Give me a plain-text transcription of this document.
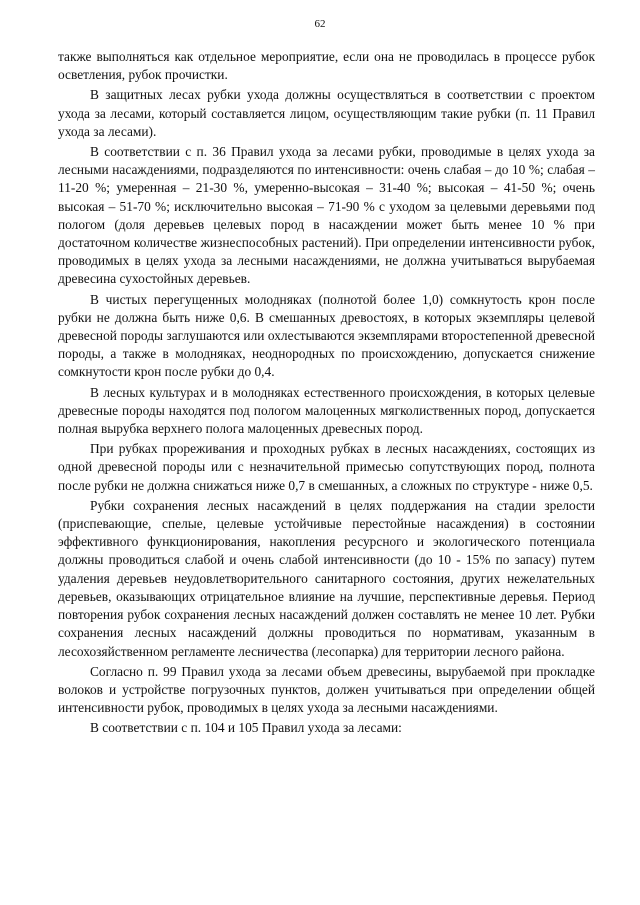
62

также выполняться как отдельное мероприятие, если она не проводилась в процессе рубок осветления, рубок прочистки.

В защитных лесах рубки ухода должны осуществляться в соответствии с проектом ухода за лесами, который составляется лицом, осуществляющим такие рубки (п. 11 Правил ухода за лесами).

В соответствии с п. 36 Правил ухода за лесами рубки, проводимые в целях ухода за лесными насаждениями, подразделяются по интенсивности: очень слабая – до 10 %; слабая – 11-20 %; умеренная – 21-30 %, умеренно-высокая – 31-40 %; высокая – 41-50 %; очень высокая – 51-70 %; исключительно высокая – 71-90 % с уходом за целевыми деревьями под пологом (доля деревьев целевых пород в насаждении может быть менее 10 % при достаточном количестве жизнеспособных растений). При определении интенсивности рубок, проводимых в целях ухода за лесными насаждениями, не должна учитываться вырубаемая древесина сухостойных деревьев.

В чистых перегущенных молодняках (полнотой более 1,0) сомкнутость крон после рубки не должна быть ниже 0,6. В смешанных древостоях, в которых экземпляры целевой древесной породы заглушаются или охлестываются экземплярами второстепенной древесной породы, а также в молодняках, неоднородных по происхождению, допускается снижение сомкнутости крон после рубки до 0,4.

В лесных культурах и в молодняках естественного происхождения, в которых целевые древесные породы находятся под пологом малоценных мягколиственных пород, допускается полная вырубка верхнего полога малоценных древесных пород.

При рубках прореживания и проходных рубках в лесных насаждениях, состоящих из одной древесной породы или с незначительной примесью сопутствующих пород, полнота после рубки не должна снижаться ниже 0,7 в смешанных, а сложных по структуре - ниже 0,5.

Рубки сохранения лесных насаждений в целях поддержания на стадии зрелости (приспевающие, спелые, целевые устойчивые перестойные насаждения) в состоянии эффективного функционирования, накопления ресурсного и экологического потенциала должны проводиться слабой и очень слабой интенсивности (до 10 - 15% по запасу) путем удаления деревьев неудовлетворительного санитарного состояния, других нежелательных деревьев, оказывающих отрицательное влияние на лучшие, перспективные деревья. Период повторения рубок сохранения лесных насаждений должен составлять не менее 10 лет. Рубки сохранения лесных насаждений должны проводиться по нормативам, указанным в лесохозяйственном регламенте лесничества (лесопарка) для территории лесного района.

Согласно п. 99 Правил ухода за лесами объем древесины, вырубаемой при прокладке волоков и устройстве погрузочных пунктов, должен учитываться при определении общей интенсивности рубок, проводимых в целях ухода за лесными насаждениями.

В соответствии с п. 104 и 105 Правил ухода за лесами:
